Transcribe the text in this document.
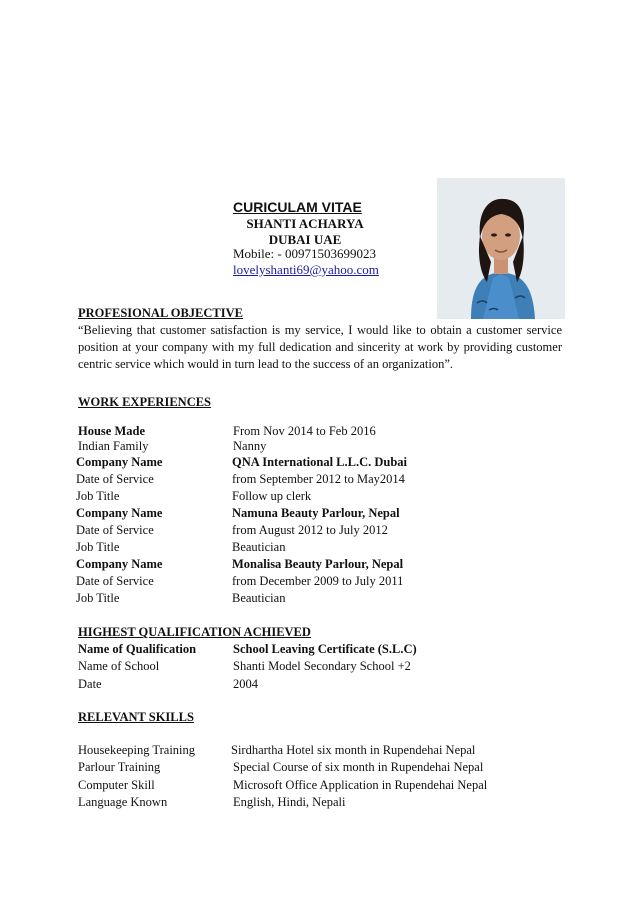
CURICULAM VITAE
SHANTI ACHARYA
DUBAI UAE
Mobile: - 00971503699023
lovelyshanti69@yahoo.com
PROFESIONAL OBJECTIVE
“Believing that customer satisfaction is my service, I would like to obtain a customer service position at your company with my full dedication and sincerity at work by providing customer centric service which would in turn lead to the success of an organization”.
WORK EXPERIENCES
House Made	From Nov 2014 to Feb 2016
Indian Family	Nanny
Company Name	QNA International L.L.C. Dubai
Date of Service	from September 2012 to May2014
Job Title	Follow up clerk
Company Name	Namuna Beauty Parlour, Nepal
Date of Service	from August 2012 to July 2012
Job Title	Beautician
Company Name	Monalisa Beauty Parlour, Nepal
Date of Service	from December 2009 to July 2011
Job Title	Beautician
HIGHEST QUALIFICATION ACHIEVED
Name of Qualification	School Leaving Certificate (S.L.C)
Name of School	Shanti Model Secondary School +2
Date	2004
RELEVANT SKILLS
Housekeeping Training	Sirdhartha Hotel six month in Rupendehai Nepal
Parlour Training	Special Course of six month in Rupendehai Nepal
Computer Skill	Microsoft Office Application in Rupendehai Nepal
Language Known	English, Hindi, Nepali
